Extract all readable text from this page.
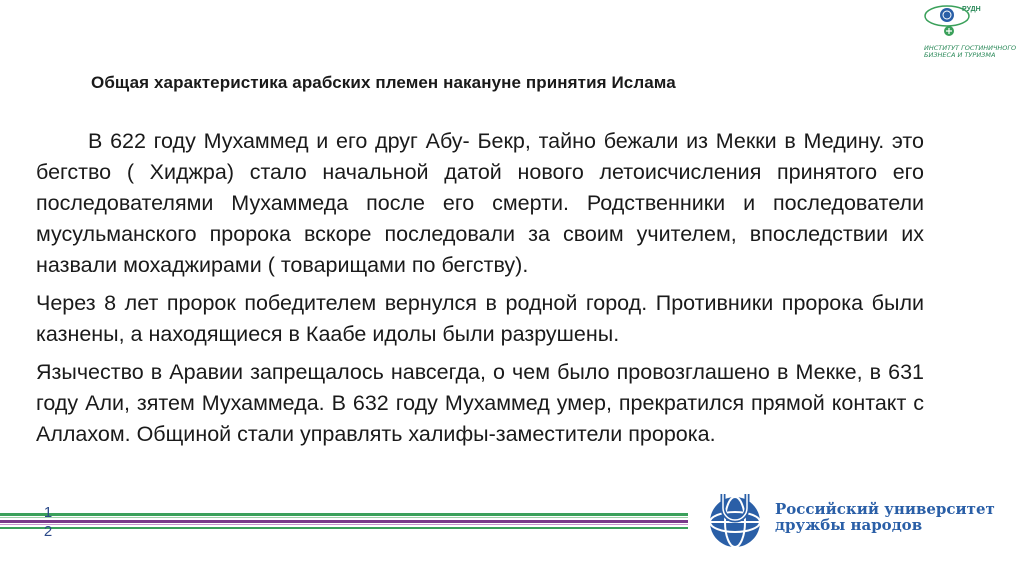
РУДН
ИНСТИТУТ ГОСТИНИЧНОГО БИЗНЕСА И ТУРИЗМА
Общая характеристика арабских племен накануне принятия Ислама

В 622 году Мухаммед и его друг Абу- Бекр, тайно бежали из Мекки в Медину. это бегство ( Хиджра) стало начальной датой нового летоисчисления принятого его последователями Мухаммеда после его смерти. Родственники и последователи мусульманского пророка вскоре последовали за своим учителем, впоследствии их назвали мохаджирами ( товарищами по бегству).

Через 8 лет пророк победителем вернулся в родной город. Противники пророка были казнены, а находящиеся в Каабе идолы были разрушены.

Язычество в Аравии запрещалось навсегда, о чем было провозглашено в Мекке, в 631 году Али, зятем Мухаммеда. В 632 году Мухаммед умер, прекратился прямой контакт с Аллахом. Общиной стали управлять халифы-заместители пророка.

1
2
Российский университет
дружбы народов
